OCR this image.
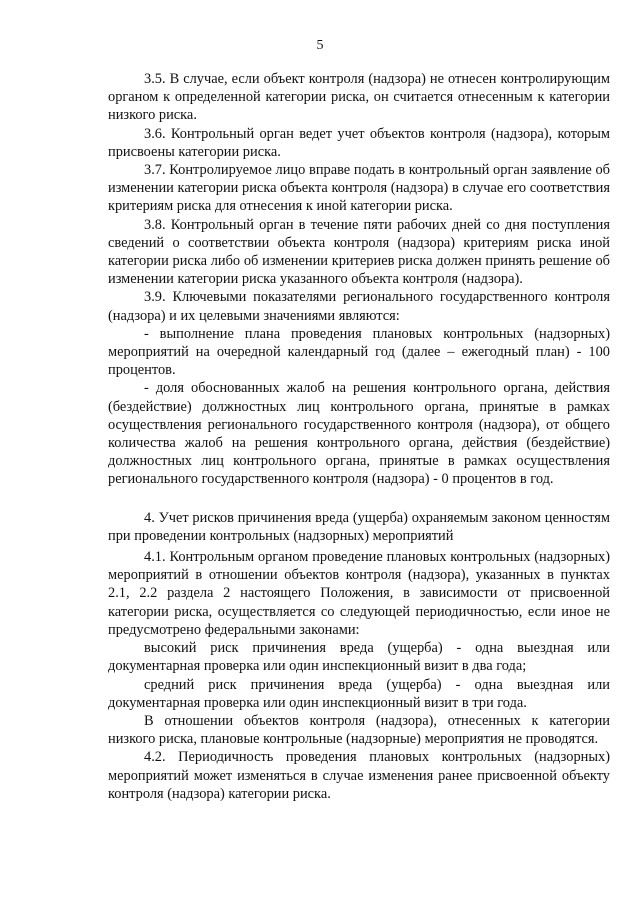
5

3.5. В случае, если объект контроля (надзора) не отнесен контролирующим органом к определенной категории риска, он считается отнесенным к категории низкого риска.

3.6. Контрольный орган ведет учет объектов контроля (надзора), которым присвоены категории риска.

3.7. Контролируемое лицо вправе подать в контрольный орган заявление об изменении категории риска объекта контроля (надзора) в случае его соответствия критериям риска для отнесения к иной категории риска.

3.8. Контрольный орган в течение пяти рабочих дней со дня поступления сведений о соответствии объекта контроля (надзора) критериям риска иной категории риска либо об изменении критериев риска должен принять решение об изменении категории риска указанного объекта контроля (надзора).

3.9. Ключевыми показателями регионального государственного контроля (надзора) и их целевыми значениями являются:

- выполнение плана проведения плановых контрольных (надзорных) мероприятий на очередной календарный год (далее – ежегодный план) - 100 процентов.

- доля обоснованных жалоб на решения контрольного органа, действия (бездействие) должностных лиц контрольного органа, принятые в рамках осуществления регионального государственного контроля (надзора), от общего количества жалоб на решения контрольного органа, действия (бездействие) должностных лиц контрольного органа, принятые в рамках осуществления регионального государственного контроля (надзора) - 0 процентов в год.

4. Учет рисков причинения вреда (ущерба) охраняемым законом ценностям при проведении контрольных (надзорных) мероприятий

4.1. Контрольным органом проведение плановых контрольных (надзорных) мероприятий в отношении объектов контроля (надзора), указанных в пунктах 2.1, 2.2 раздела 2 настоящего Положения, в зависимости от присвоенной категории риска, осуществляется со следующей периодичностью, если иное не предусмотрено федеральными законами:

высокий риск причинения вреда (ущерба) - одна выездная или документарная проверка или один инспекционный визит в два года;

средний риск причинения вреда (ущерба) - одна выездная или документарная проверка или один инспекционный визит в три года.

В отношении объектов контроля (надзора), отнесенных к категории низкого риска, плановые контрольные (надзорные) мероприятия не проводятся.

4.2. Периодичность проведения плановых контрольных (надзорных) мероприятий может изменяться в случае изменения ранее присвоенной объекту контроля (надзора) категории риска.
